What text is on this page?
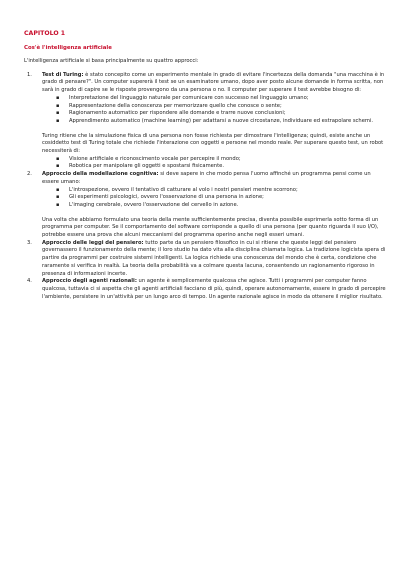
CAPITOLO 1
Cos'è l'intelligenza artificiale

L'intelligenza artificiale si basa principalmente su quattro approcci:

1. Test di Turing: è stato concepito come un esperimento mentale in grado di evitare l'incertezza della domanda "una macchina è in grado di pensare?". Un computer supererà il test se un esaminatore umano, dopo aver posto alcune domande in forma scritta, non sarà in grado di capire se le risposte provengono da una persona o no. Il computer per superare il test avrebbe bisogno di:

▪ Interpretazione del linguaggio naturale per comunicare con successo nel linguaggio umano;
▪ Rappresentazione della conoscenza per memorizzare quello che conosce o sente;
▪ Ragionamento automatico per rispondere alle domande e trarre nuove conclusioni;
▪ Apprendimento automatico (machine learning) per adattarsi a nuove circostanze, individuare ed estrapolare schemi.

Turing ritiene che la simulazione fisica di una persona non fosse richiesta per dimostrare l'intelligenza; quindi, esiste anche un cosiddetto test di Turing totale che richiede l'interazione con oggetti e persone nel mondo reale. Per superare questo test, un robot necessiterà di:

▪ Visione artificiale e riconoscimento vocale per percepire il mondo;
▪ Robotica per manipolare gli oggetti e spostarsi fisicamente.
2. Approccio della modellazione cognitiva: si deve sapere in che modo pensa l'uomo affinché un programma pensi come un essere umano:

▪ L'introspezione, ovvero il tentativo di catturare al volo i nostri pensieri mentre scorrono;
▪ Gli esperimenti psicologici, ovvero l'osservazione di una persona in azione;
▪ L'imaging cerebrale, ovvero l'osservazione del cervello in azione.

Una volta che abbiamo formulato una teoria della mente sufficientemente precisa, diventa possibile esprimerla sotto forma di un programma per computer. Se il comportamento del software corrisponde a quello di una persona (per quanto riguarda il suo I/O), potrebbe essere una prova che alcuni meccanismi del programma operino anche negli esseri umani.

3. Approccio delle leggi del pensiero: tutto parte da un pensiero filosofico in cui si ritiene che queste leggi del pensiero governassero il funzionamento della mente; il loro studio ha dato vita alla disciplina chiamata logica. La tradizione logicista spera di partire da programmi per costruire sistemi intelligenti. La logica richiede una conoscenza del mondo che è certa, condizione che raramente si verifica in realtà. La teoria della probabilità va a colmare questa lacuna, consentendo un ragionamento rigoroso in presenza di informazioni incerte.

4. Approccio degli agenti razionali: un agente è semplicemente qualcosa che agisce. Tutti i programmi per computer fanno qualcosa, tuttavia ci si aspetta che gli agenti artificiali facciano di più, quindi, operare autonomamente, essere in grado di percepire l'ambiente, persistere in un'attività per un lungo arco di tempo. Un agente razionale agisce in modo da ottenere il miglior risultato.
